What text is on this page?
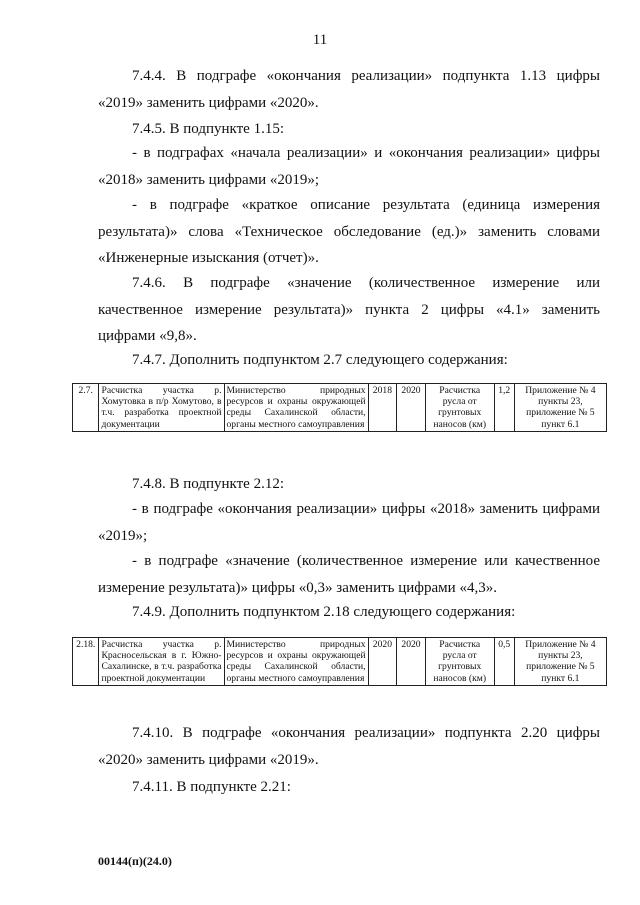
11

7.4.4. В подграфе «окончания реализации» подпункта 1.13 цифры «2019» заменить цифрами «2020».

7.4.5. В подпункте 1.15:

- в подграфах «начала реализации» и «окончания реализации» цифры «2018» заменить цифрами «2019»;

- в подграфе «краткое описание результата (единица измерения результата)» слова «Техническое обследование (ед.)» заменить словами «Инженерные изыскания (отчет)».

7.4.6. В подграфе «значение (количественное измерение или качественное измерение результата)» пункта 2 цифры «4.1» заменить цифрами «9,8».

7.4.7. Дополнить подпунктом 2.7 следующего содержания:

2.7.	Расчистка участка р. Хомутовка в п/р Хомутово, в т.ч. разработка проектной документации	Министерство природных ресурсов и охраны окружающей среды Сахалинской области, органы местного самоуправления	2018	2020	Расчистка русла от грунтовых наносов (км)	1,2	Приложение № 4 пункты 23, приложение № 5 пункт 6.1

7.4.8. В подпункте 2.12:

- в подграфе «окончания реализации» цифры «2018» заменить цифрами «2019»;

- в подграфе «значение (количественное измерение или качественное измерение результата)» цифры «0,3» заменить цифрами «4,3».

7.4.9. Дополнить подпунктом 2.18 следующего содержания:

2.18.	Расчистка участка р. Красносельская в г. Южно-Сахалинске, в т.ч. разработка проектной документации	Министерство природных ресурсов и охраны окружающей среды Сахалинской области, органы местного самоуправления	2020	2020	Расчистка русла от грунтовых наносов (км)	0,5	Приложение № 4 пункты 23, приложение № 5 пункт 6.1

7.4.10. В подграфе «окончания реализации» подпункта 2.20 цифры «2020» заменить цифрами «2019».

7.4.11. В подпункте 2.21:

00144(п)(24.0)
